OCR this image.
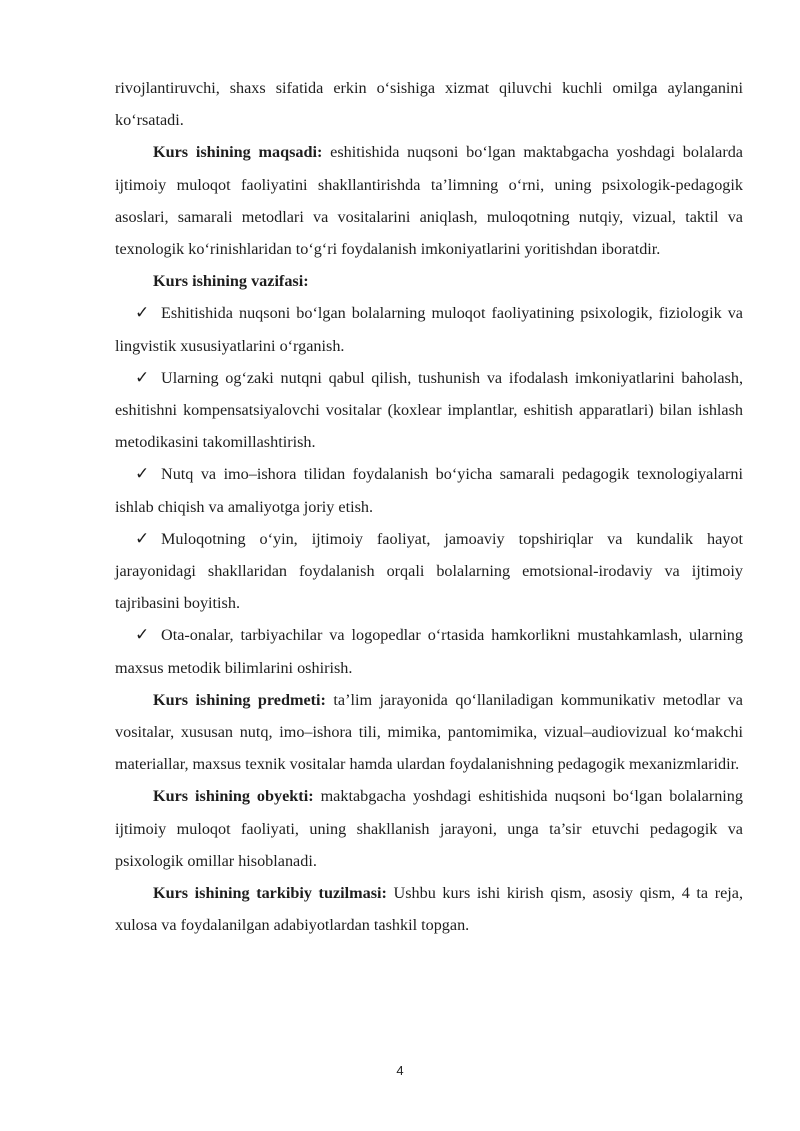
rivojlantiruvchi, shaxs sifatida erkin o‘sishiga xizmat qiluvchi kuchli omilga aylanganini ko‘rsatadi.

Kurs ishining maqsadi: eshitishida nuqsoni bo‘lgan maktabgacha yoshdagi bolalarda ijtimoiy muloqot faoliyatini shakllantirishda ta’limning o‘rni, uning psixologik-pedagogik asoslari, samarali metodlari va vositalarini aniqlash, muloqotning nutqiy, vizual, taktil va texnologik ko‘rinishlaridan to‘g‘ri foydalanish imkoniyatlarini yoritishdan iboratdir.

Kurs ishining vazifasi:

✓ Eshitishida nuqsoni bo‘lgan bolalarning muloqot faoliyatining psixologik, fiziologik va lingvistik xususiyatlarini o‘rganish.

✓ Ularning og‘zaki nutqni qabul qilish, tushunish va ifodalash imkoniyatlarini baholash, eshitishni kompensatsiyalovchi vositalar (koxlear implantlar, eshitish apparatlari) bilan ishlash metodikasini takomillashtirish.

✓ Nutq va imo–ishora tilidan foydalanish bo‘yicha samarali pedagogik texnologiyalarni ishlab chiqish va amaliyotga joriy etish.

✓ Muloqotning o‘yin, ijtimoiy faoliyat, jamoaviy topshiriqlar va kundalik hayot jarayonidagi shakllaridan foydalanish orqali bolalarning emotsional-irodaviy va ijtimoiy tajribasini boyitish.

✓ Ota-onalar, tarbiyachilar va logopedlar o‘rtasida hamkorlikni mustahkamlash, ularning maxsus metodik bilimlarini oshirish.

Kurs ishining predmeti: ta’lim jarayonida qo‘llaniladigan kommunikativ metodlar va vositalar, xususan nutq, imo–ishora tili, mimika, pantomimika, vizual–audiovizual ko‘makchi materiallar, maxsus texnik vositalar hamda ulardan foydalanishning pedagogik mexanizmlaridir.

Kurs ishining obyekti: maktabgacha yoshdagi eshitishida nuqsoni bo‘lgan bolalarning ijtimoiy muloqot faoliyati, uning shakllanish jarayoni, unga ta’sir etuvchi pedagogik va psixologik omillar hisoblanadi.

Kurs ishining tarkibiy tuzilmasi: Ushbu kurs ishi kirish qism, asosiy qism, 4 ta reja, xulosa va foydalanilgan adabiyotlardan tashkil topgan.

4
